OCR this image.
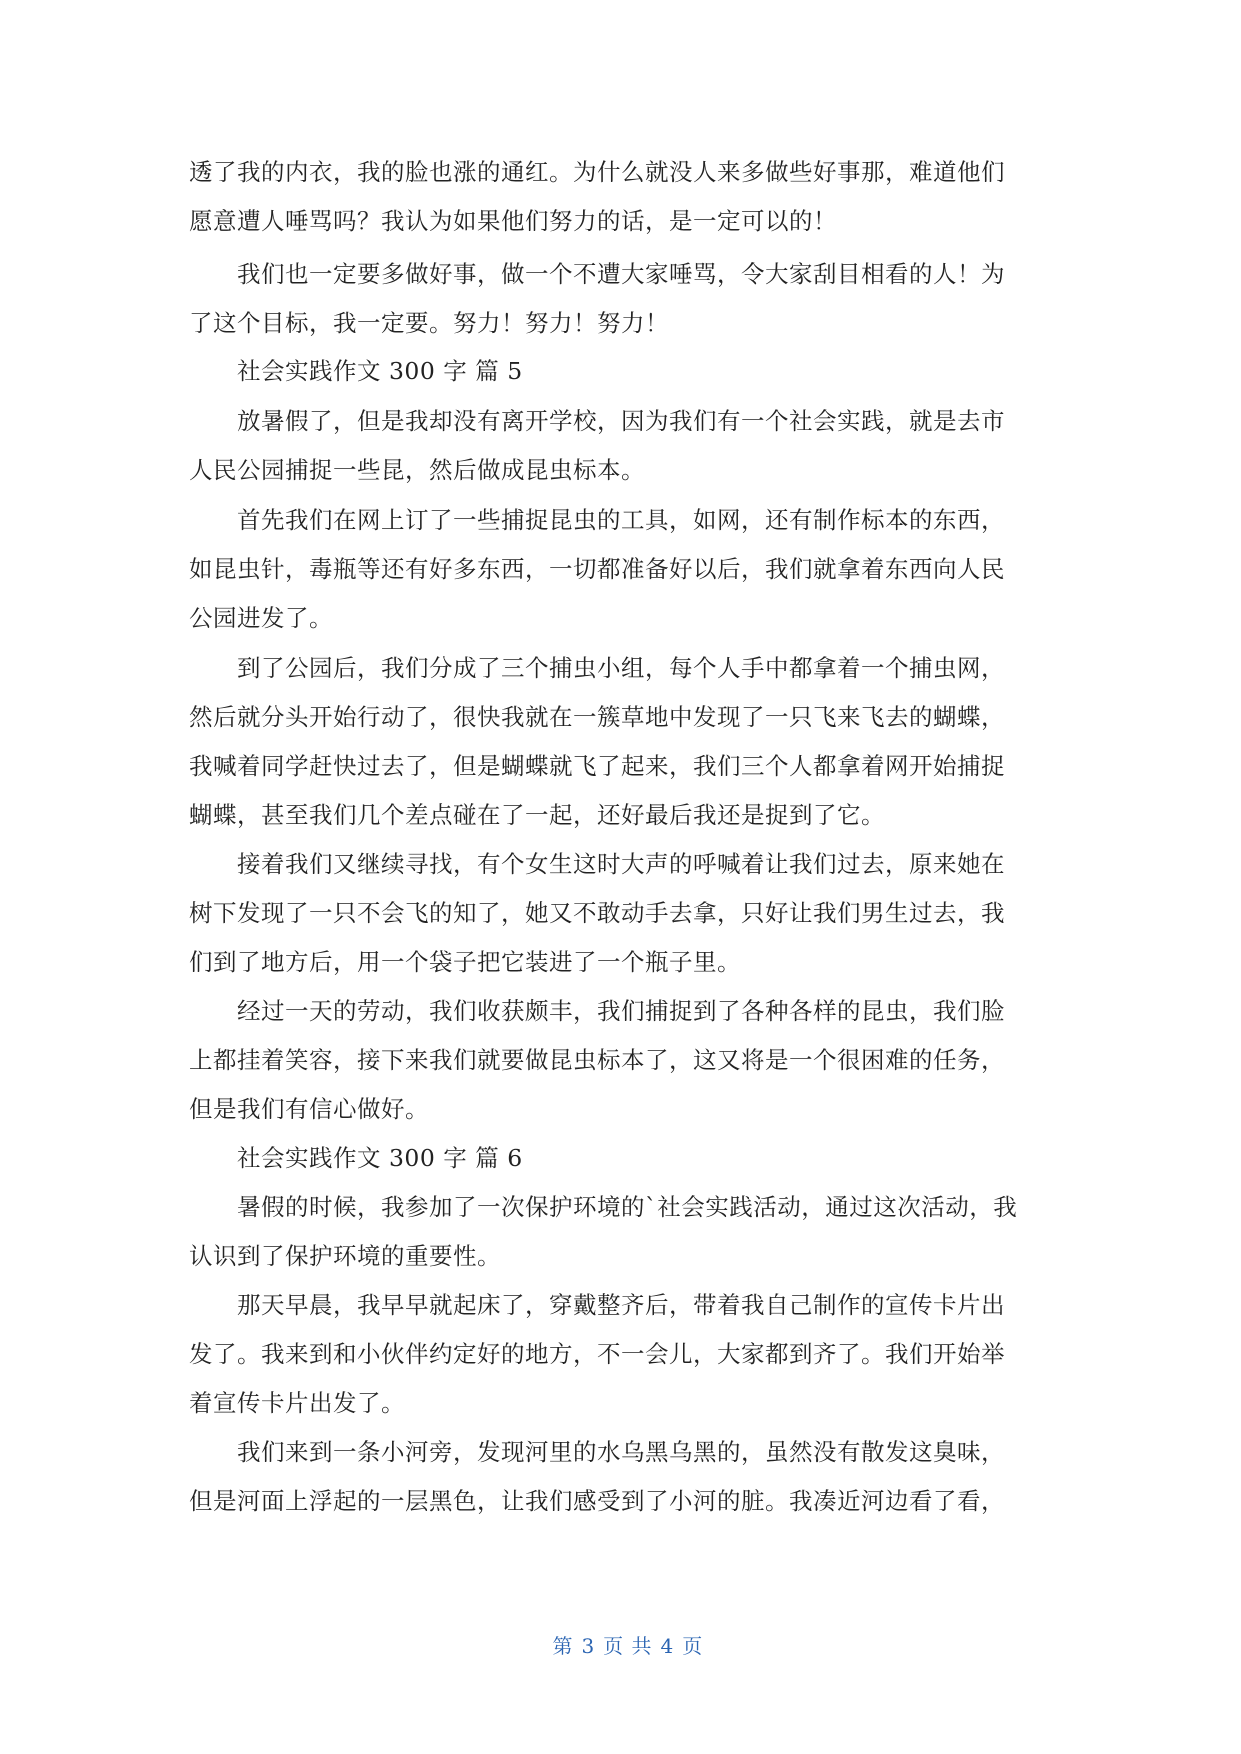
透了我的内衣，我的脸也涨的通红。为什么就没人来多做些好事那，难道他们
愿意遭人唾骂吗？我认为如果他们努力的话，是一定可以的！
我们也一定要多做好事，做一个不遭大家唾骂，令大家刮目相看的人！为
了这个目标，我一定要。努力！努力！努力！
社会实践作文 300 字 篇 5
放暑假了，但是我却没有离开学校，因为我们有一个社会实践，就是去市
人民公园捕捉一些昆，然后做成昆虫标本。
首先我们在网上订了一些捕捉昆虫的工具，如网，还有制作标本的东西，
如昆虫针，毒瓶等还有好多东西，一切都准备好以后，我们就拿着东西向人民
公园进发了。
到了公园后，我们分成了三个捕虫小组，每个人手中都拿着一个捕虫网，
然后就分头开始行动了，很快我就在一簇草地中发现了一只飞来飞去的蝴蝶，
我喊着同学赶快过去了，但是蝴蝶就飞了起来，我们三个人都拿着网开始捕捉
蝴蝶，甚至我们几个差点碰在了一起，还好最后我还是捉到了它。
接着我们又继续寻找，有个女生这时大声的呼喊着让我们过去，原来她在
树下发现了一只不会飞的知了，她又不敢动手去拿，只好让我们男生过去，我
们到了地方后，用一个袋子把它装进了一个瓶子里。
经过一天的劳动，我们收获颇丰，我们捕捉到了各种各样的昆虫，我们脸
上都挂着笑容，接下来我们就要做昆虫标本了，这又将是一个很困难的任务，
但是我们有信心做好。
社会实践作文 300 字 篇 6
暑假的时候，我参加了一次保护环境的`社会实践活动，通过这次活动，我
认识到了保护环境的重要性。
那天早晨，我早早就起床了，穿戴整齐后，带着我自己制作的宣传卡片出
发了。我来到和小伙伴约定好的地方，不一会儿，大家都到齐了。我们开始举
着宣传卡片出发了。
我们来到一条小河旁，发现河里的水乌黑乌黑的，虽然没有散发这臭味，
但是河面上浮起的一层黑色，让我们感受到了小河的脏。我凑近河边看了看，

第 3 页 共 4 页
